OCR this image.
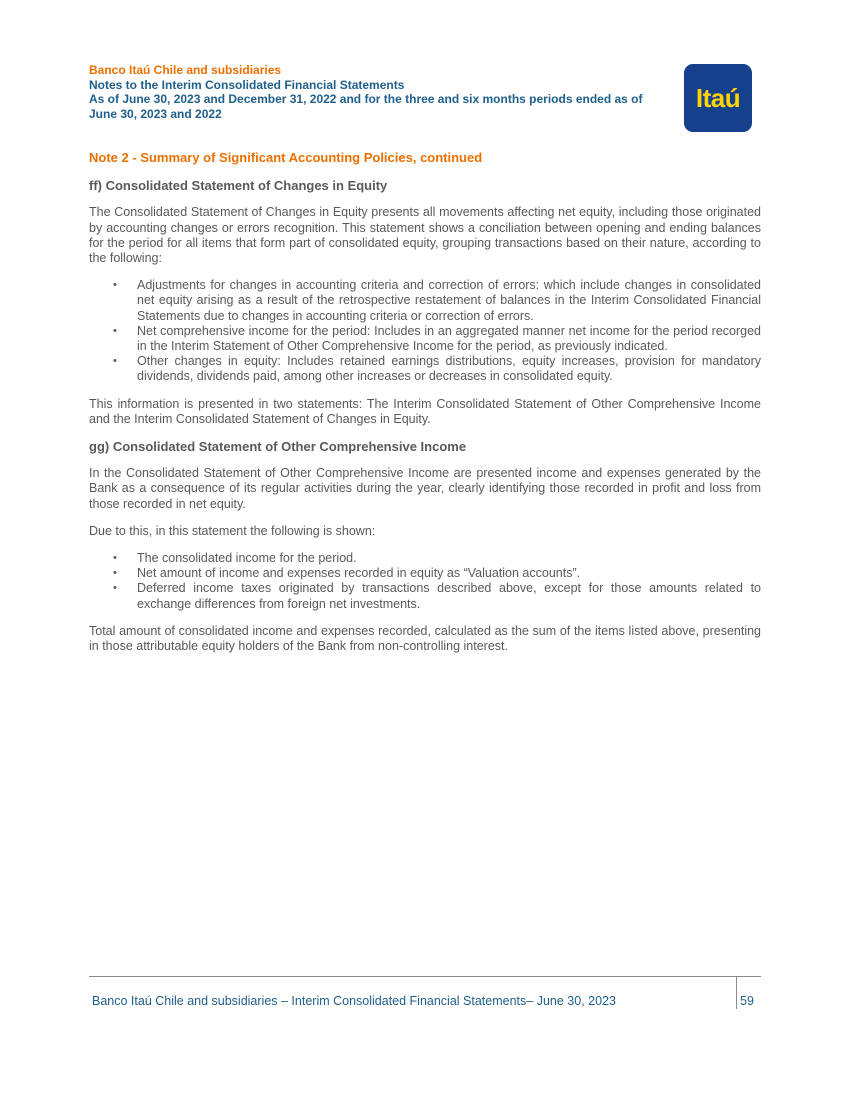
Banco Itaú Chile and subsidiaries
Notes to the Interim Consolidated Financial Statements
As of June 30, 2023 and December 31, 2022 and for the three and six months periods ended as of
June 30, 2023 and 2022
Itaú
Note 2 - Summary of Significant Accounting Policies, continued
ff) Consolidated Statement of Changes in Equity

The Consolidated Statement of Changes in Equity presents all movements affecting net equity, including those originated by accounting changes or errors recognition. This statement shows a conciliation between opening and ending balances for the period for all items that form part of consolidated equity, grouping transactions based on their nature, according to the following:

• Adjustments for changes in accounting criteria and correction of errors: which include changes in consolidated net equity arising as a result of the retrospective restatement of balances in the Interim Consolidated Financial Statements due to changes in accounting criteria or correction of errors.
• Net comprehensive income for the period: Includes in an aggregated manner net income for the period recorged in the Interim Statement of Other Comprehensive Income for the period, as previously indicated.
• Other changes in equity: Includes retained earnings distributions, equity increases, provision for mandatory dividends, dividends paid, among other increases or decreases in consolidated equity.

This information is presented in two statements: The Interim Consolidated Statement of Other Comprehensive Income and the Interim Consolidated Statement of Changes in Equity.

gg) Consolidated Statement of Other Comprehensive Income

In the Consolidated Statement of Other Comprehensive Income are presented income and expenses generated by the Bank as a consequence of its regular activities during the year, clearly identifying those recorded in profit and loss from those recorded in net equity.

Due to this, in this statement the following is shown:

• The consolidated income for the period.
• Net amount of income and expenses recorded in equity as “Valuation accounts”.
• Deferred income taxes originated by transactions described above, except for those amounts related to exchange differences from foreign net investments.

Total amount of consolidated income and expenses recorded, calculated as the sum of the items listed above, presenting in those attributable equity holders of the Bank from non-controlling interest.

Banco Itaú Chile and subsidiaries – Interim Consolidated Financial Statements– June 30, 2023	59
